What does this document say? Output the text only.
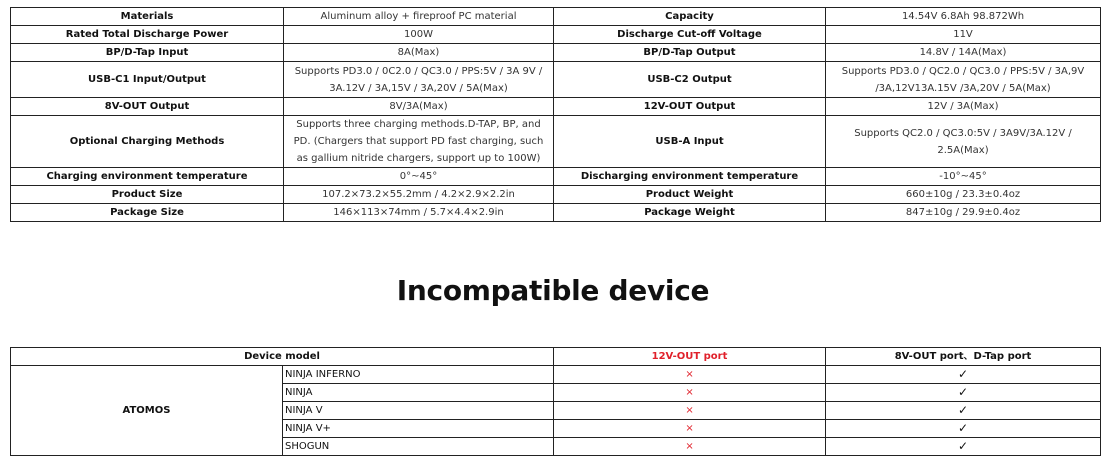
Materials	Aluminum alloy + fireproof PC material	Capacity	14.54V 6.8Ah 98.872Wh
Rated Total Discharge Power	100W	Discharge Cut-off Voltage	11V
BP/D-Tap Input	8A(Max)	BP/D-Tap Output	14.8V / 14A(Max)
USB-C1 Input/Output	Supports PD3.0 / 0C2.0 / QC3.0 / PPS:5V / 3A 9V / 3A.12V / 3A,15V / 3A,20V / 5A(Max)	USB-C2 Output	Supports PD3.0 / QC2.0 / QC3.0 / PPS:5V / 3A,9V /3A,12V13A.15V /3A,20V / 5A(Max)
8V-OUT Output	8V/3A(Max)	12V-OUT Output	12V / 3A(Max)
Optional Charging Methods	Supports three charging methods.D-TAP, BP, and PD. (Chargers that support PD fast charging, such as gallium nitride chargers, support up to 100W)	USB-A Input	Supports QC2.0 / QC3.0:5V / 3A9V/3A.12V / 2.5A(Max)
Charging environment temperature	0°~45°	Discharging environment temperature	-10°~45°
Product Size	107.2×73.2×55.2mm / 4.2×2.9×2.2in	Product Weight	660±10g / 23.3±0.4oz
Package Size	146×113×74mm / 5.7×4.4×2.9in	Package Weight	847±10g / 29.9±0.4oz
Incompatible device
Device model		12V-OUT port	8V-OUT port、D-Tap port
ATOMOS	NINJA INFERNO	×	✓
	NINJA	×	✓
	NINJA V	×	✓
	NINJA V+	×	✓
	SHOGUN	×	✓
